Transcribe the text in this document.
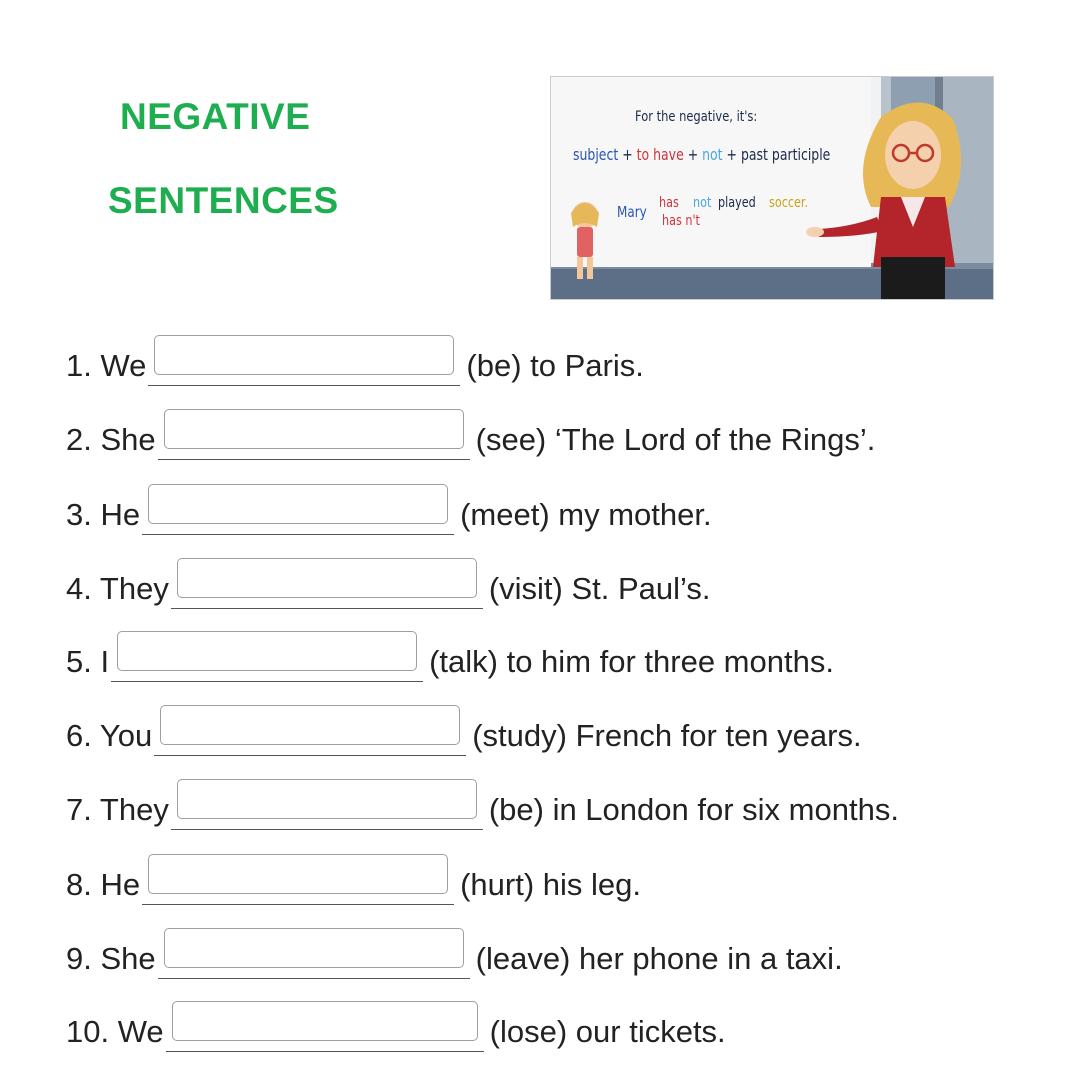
NEGATIVE
SENTENCES
For the negative, it's:
subject + to have + not + past participle
Mary has
has n't
not played soccer.
1. We	(be) to Paris.
2. She	(see) ‘The Lord of the Rings’.
3. He	(meet) my mother.
4. They	(visit) St. Paul’s.
5. I	(talk) to him for three months.
6. You	(study) French for ten years.
7. They	(be) in London for six months.
8. He	(hurt) his leg.
9. She	(leave) her phone in a taxi.
10. We	(lose) our tickets.
